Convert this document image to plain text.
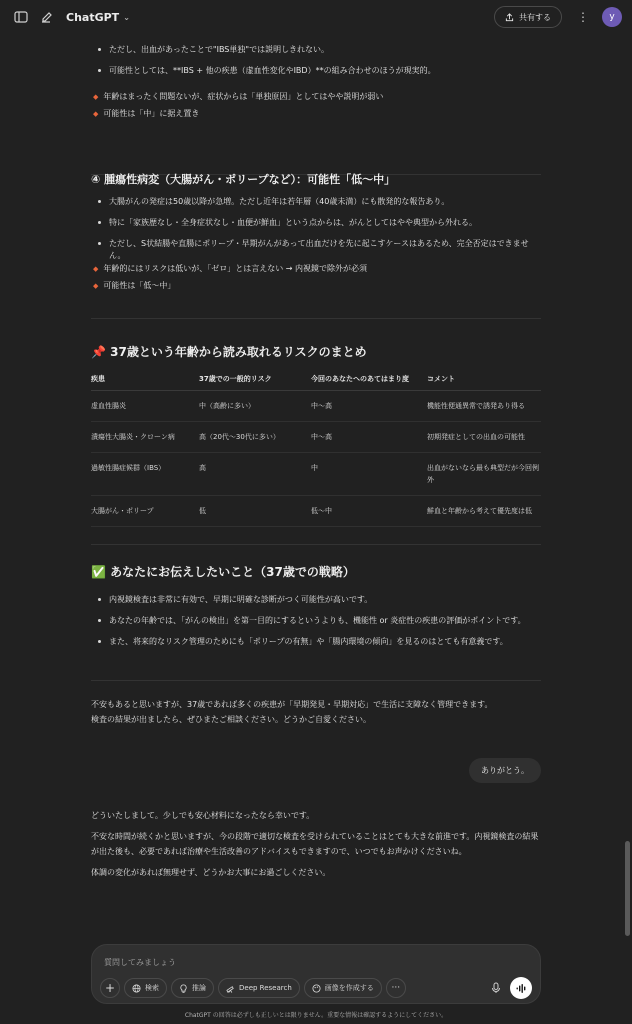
ChatGPT ⌄	共有する ⋮	y
ただし、出血があったことで"IBS単独"では説明しきれない。
可能性としては、**IBS + 他の疾患（虚血性変化やIBD）**の組み合わせのほうが現実的。
◆ 年齢はまったく問題ないが、症状からは「単独原因」としてはやや説明が弱い
◆ 可能性は「中」に据え置き
④ 腫瘍性病変（大腸がん・ポリープなど）：可能性「低〜中」
大腸がんの発症は50歳以降が急増。ただし近年は若年層（40歳未満）にも散発的な報告あり。
特に「家族歴なし・全身症状なし・血便が鮮血」という点からは、がんとしてはやや典型から外れる。
ただし、S状結腸や直腸にポリープ・早期がんがあって出血だけを先に起こすケースはあるため、完全否定はできません。
◆ 年齢的にはリスクは低いが、「ゼロ」とは言えない → 内視鏡で除外が必須
◆ 可能性は「低〜中」
📌 37歳という年齢から読み取れるリスクのまとめ
疾患	37歳での一般的リスク	今回のあなたへのあてはまり度	コメント
虚血性腸炎	中（高齢に多い）	中〜高	機能性便通異常で誘発あり得る
潰瘍性大腸炎・クローン病	高（20代〜30代に多い）	中〜高	初期発症としての出血の可能性
過敏性腸症候群（IBS）	高	中	出血がないなら最も典型だが今回例外
大腸がん・ポリープ	低	低〜中	鮮血と年齢から考えて優先度は低
✅ あなたにお伝えしたいこと（37歳での戦略）
内視鏡検査は非常に有効で、早期に明確な診断がつく可能性が高いです。
あなたの年齢では、「がんの検出」を第一目的にするというよりも、機能性 or 炎症性の疾患の評価がポイントです。
また、将来的なリスク管理のためにも「ポリープの有無」や「腸内環境の傾向」を見るのはとても有意義です。
不安もあると思いますが、37歳であれば多くの疾患が「早期発見・早期対応」で生活に支障なく管理できます。
検査の結果が出ましたら、ぜひまたご相談ください。どうかご自愛ください。
ありがとう。
どういたしまして。少しでも安心材料になったなら幸いです。
不安な時間が続くかと思いますが、今の段階で適切な検査を受けられていることはとても大きな前進です。内視鏡検査の結果が出た後も、必要であれば治療や生活改善のアドバイスもできますので、いつでもお声かけくださいね。
体調の変化があれば無理せず、どうかお大事にお過ごしください。
質問してみましょう
+	検索	推論	Deep Research	画像を作成する ···
ChatGPT の回答は必ずしも正しいとは限りません。重要な情報は確認するようにしてください。
